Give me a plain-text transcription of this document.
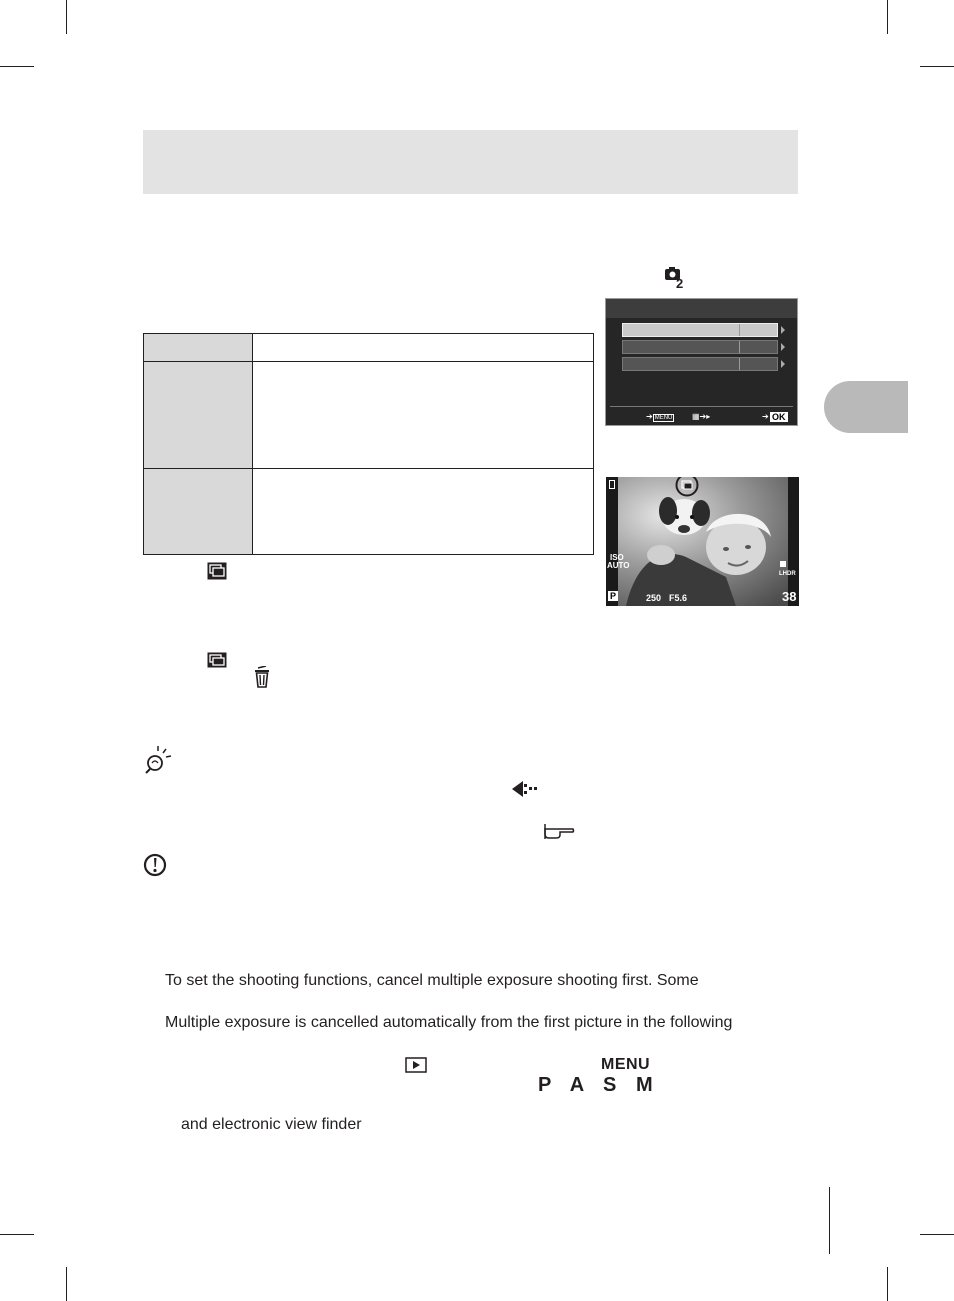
2

➔ MENU ▦➔▸	➔ OK
ISO
AUTO
LHDR
P	250 F5.6	38
To set the shooting functions, cancel multiple exposure shooting first. Some
Multiple exposure is cancelled automatically from the first picture in the following
MENU
P A S M
and electronic view finder
